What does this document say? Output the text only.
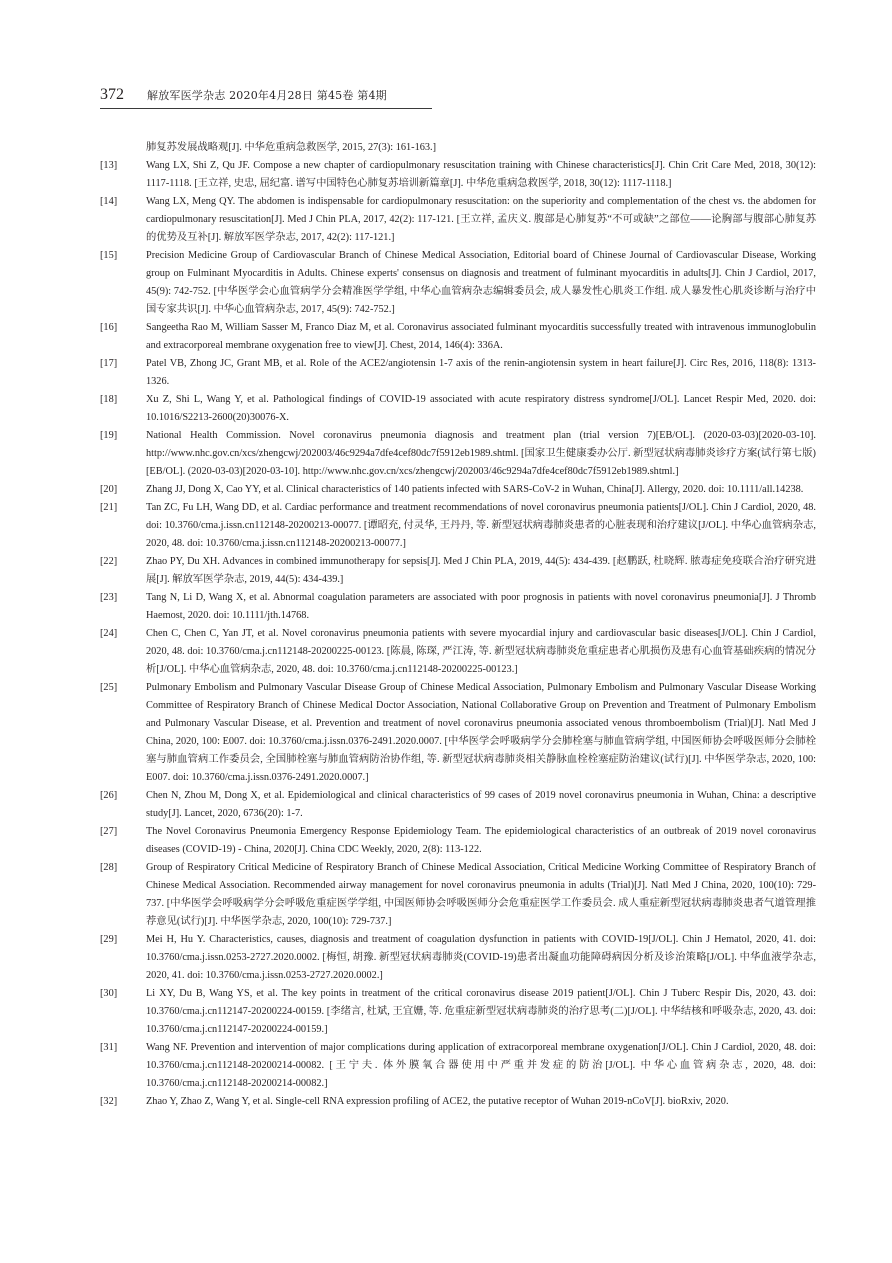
372 解放军医学杂志 2020年4月28日 第45卷 第4期
肺复苏发展战略观[J]. 中华危重病急救医学, 2015, 27(3): 161-163.]
[13]	Wang LX, Shi Z, Qu JF. Compose a new chapter of cardiopulmonary resuscitation training with Chinese characteristics[J]. Chin Crit Care Med, 2018, 30(12): 1117-1118. [王立祥, 史忠, 屈纪富. 谱写中国特色心肺复苏培训新篇章[J]. 中华危重病急救医学, 2018, 30(12): 1117-1118.]
[14]	Wang LX, Meng QY. The abdomen is indispensable for cardiopulmonary resuscitation: on the superiority and complementation of the chest vs. the abdomen for cardiopulmonary resuscitation[J]. Med J Chin PLA, 2017, 42(2): 117-121. [王立祥, 孟庆义. 腹部是心肺复苏“不可或缺”之部位——论胸部与腹部心肺复苏的优势及互补[J]. 解放军医学杂志, 2017, 42(2): 117-121.]
[15]	Precision Medicine Group of Cardiovascular Branch of Chinese Medical Association, Editorial board of Chinese Journal of Cardiovascular Disease, Working group on Fulminant Myocarditis in Adults. Chinese experts' consensus on diagnosis and treatment of fulminant myocarditis in adults[J]. Chin J Cardiol, 2017, 45(9): 742-752. [中华医学会心血管病学分会精准医学学组, 中华心血管病杂志编辑委员会, 成人暴发性心肌炎工作组. 成人暴发性心肌炎诊断与治疗中国专家共识[J]. 中华心血管病杂志, 2017, 45(9): 742-752.]
[16]	Sangeetha Rao M, William Sasser M, Franco Diaz M, et al. Coronavirus associated fulminant myocarditis successfully treated with intravenous immunoglobulin and extracorporeal membrane oxygenation free to view[J]. Chest, 2014, 146(4): 336A.
[17]	Patel VB, Zhong JC, Grant MB, et al. Role of the ACE2/angiotensin 1-7 axis of the renin-angiotensin system in heart failure[J]. Circ Res, 2016, 118(8): 1313-1326.
[18]	Xu Z, Shi L, Wang Y, et al. Pathological findings of COVID-19 associated with acute respiratory distress syndrome[J/OL]. Lancet Respir Med, 2020. doi: 10.1016/S2213-2600(20)30076-X.
[19]	National Health Commission. Novel coronavirus pneumonia diagnosis and treatment plan (trial version 7)[EB/OL]. (2020-03-03)[2020-03-10]. http://www.nhc.gov.cn/xcs/zhengcwj/202003/46c9294a7dfe4cef80dc7f5912eb1989.shtml. [国家卫生健康委办公厅. 新型冠状病毒肺炎诊疗方案(试行第七版)[EB/OL]. (2020-03-03)[2020-03-10]. http://www.nhc.gov.cn/xcs/zhengcwj/202003/46c9294a7dfe4cef80dc7f5912eb1989.shtml.]
[20]	Zhang JJ, Dong X, Cao YY, et al. Clinical characteristics of 140 patients infected with SARS-CoV-2 in Wuhan, China[J]. Allergy, 2020. doi: 10.1111/all.14238.
[21]	Tan ZC, Fu LH, Wang DD, et al. Cardiac performance and treatment recommendations of novel coronavirus pneumonia patients[J/OL]. Chin J Cardiol, 2020, 48. doi: 10.3760/cma.j.issn.cn112148-20200213-00077. [谭昭充, 付灵华, 王丹丹, 等. 新型冠状病毒肺炎患者的心脏表现和治疗建议[J/OL]. 中华心血管病杂志, 2020, 48. doi: 10.3760/cma.j.issn.cn112148-20200213-00077.]
[22]	Zhao PY, Du XH. Advances in combined immunotherapy for sepsis[J]. Med J Chin PLA, 2019, 44(5): 434-439. [赵鹏跃, 杜晓辉. 脓毒症免疫联合治疗研究进展[J]. 解放军医学杂志, 2019, 44(5): 434-439.]
[23]	Tang N, Li D, Wang X, et al. Abnormal coagulation parameters are associated with poor prognosis in patients with novel coronavirus pneumonia[J]. J Thromb Haemost, 2020. doi: 10.1111/jth.14768.
[24]	Chen C, Chen C, Yan JT, et al. Novel coronavirus pneumonia patients with severe myocardial injury and cardiovascular basic diseases[J/OL]. Chin J Cardiol, 2020, 48. doi: 10.3760/cma.j.cn112148-20200225-00123. [陈晨, 陈琛, 严江涛, 等. 新型冠状病毒肺炎危重症患者心肌损伤及患有心血管基础疾病的情况分析[J/OL]. 中华心血管病杂志, 2020, 48. doi: 10.3760/cma.j.cn112148-20200225-00123.]
[25]	Pulmonary Embolism and Pulmonary Vascular Disease Group of Chinese Medical Association, Pulmonary Embolism and Pulmonary Vascular Disease Working Committee of Respiratory Branch of Chinese Medical Doctor Association, National Collaborative Group on Prevention and Treatment of Pulmonary Embolism and Pulmonary Vascular Disease, et al. Prevention and treatment of novel coronavirus pneumonia associated venous thromboembolism (Trial)[J]. Natl Med J China, 2020, 100: E007. doi: 10.3760/cma.j.issn.0376-2491.2020.0007. [中华医学会呼吸病学分会肺栓塞与肺血管病学组, 中国医师协会呼吸医师分会肺栓塞与肺血管病工作委员会, 全国肺栓塞与肺血管病防治协作组, 等. 新型冠状病毒肺炎相关静脉血栓栓塞症防治建议(试行)[J]. 中华医学杂志, 2020, 100: E007. doi: 10.3760/cma.j.issn.0376-2491.2020.0007.]
[26]	Chen N, Zhou M, Dong X, et al. Epidemiological and clinical characteristics of 99 cases of 2019 novel coronavirus pneumonia in Wuhan, China: a descriptive study[J]. Lancet, 2020, 6736(20): 1-7.
[27]	The Novel Coronavirus Pneumonia Emergency Response Epidemiology Team. The epidemiological characteristics of an outbreak of 2019 novel coronavirus diseases (COVID-19) - China, 2020[J]. China CDC Weekly, 2020, 2(8): 113-122.
[28]	Group of Respiratory Critical Medicine of Respiratory Branch of Chinese Medical Association, Critical Medicine Working Committee of Respiratory Branch of Chinese Medical Association. Recommended airway management for novel coronavirus pneumonia in adults (Trial)[J]. Natl Med J China, 2020, 100(10): 729-737. [中华医学会呼吸病学分会呼吸危重症医学学组, 中国医师协会呼吸医师分会危重症医学工作委员会. 成人重症新型冠状病毒肺炎患者气道管理推荐意见(试行)[J]. 中华医学杂志, 2020, 100(10): 729-737.]
[29]	Mei H, Hu Y. Characteristics, causes, diagnosis and treatment of coagulation dysfunction in patients with COVID-19[J/OL]. Chin J Hematol, 2020, 41. doi: 10.3760/cma.j.issn.0253-2727.2020.0002. [梅恒, 胡豫. 新型冠状病毒肺炎(COVID-19)患者出凝血功能障碍病因分析及诊治策略[J/OL]. 中华血液学杂志, 2020, 41. doi: 10.3760/cma.j.issn.0253-2727.2020.0002.]
[30]	Li XY, Du B, Wang YS, et al. The key points in treatment of the critical coronavirus disease 2019 patient[J/OL]. Chin J Tuberc Respir Dis, 2020, 43. doi: 10.3760/cma.j.cn112147-20200224-00159. [李绪言, 杜斌, 王宜姗, 等. 危重症新型冠状病毒肺炎的治疗思考(二)[J/OL]. 中华结核和呼吸杂志, 2020, 43. doi: 10.3760/cma.j.cn112147-20200224-00159.]
[31]	Wang NF. Prevention and intervention of major complications during application of extracorporeal membrane oxygenation[J/OL]. Chin J Cardiol, 2020, 48. doi: 10.3760/cma.j.cn112148-20200214-00082. [王宁夫. 体外膜氧合器使用中严重并发症的防治[J/OL]. 中华心血管病杂志, 2020, 48. doi: 10.3760/cma.j.cn112148-20200214-00082.]
[32]	Zhao Y, Zhao Z, Wang Y, et al. Single-cell RNA expression profiling of ACE2, the putative receptor of Wuhan 2019-nCoV[J]. bioRxiv, 2020.
